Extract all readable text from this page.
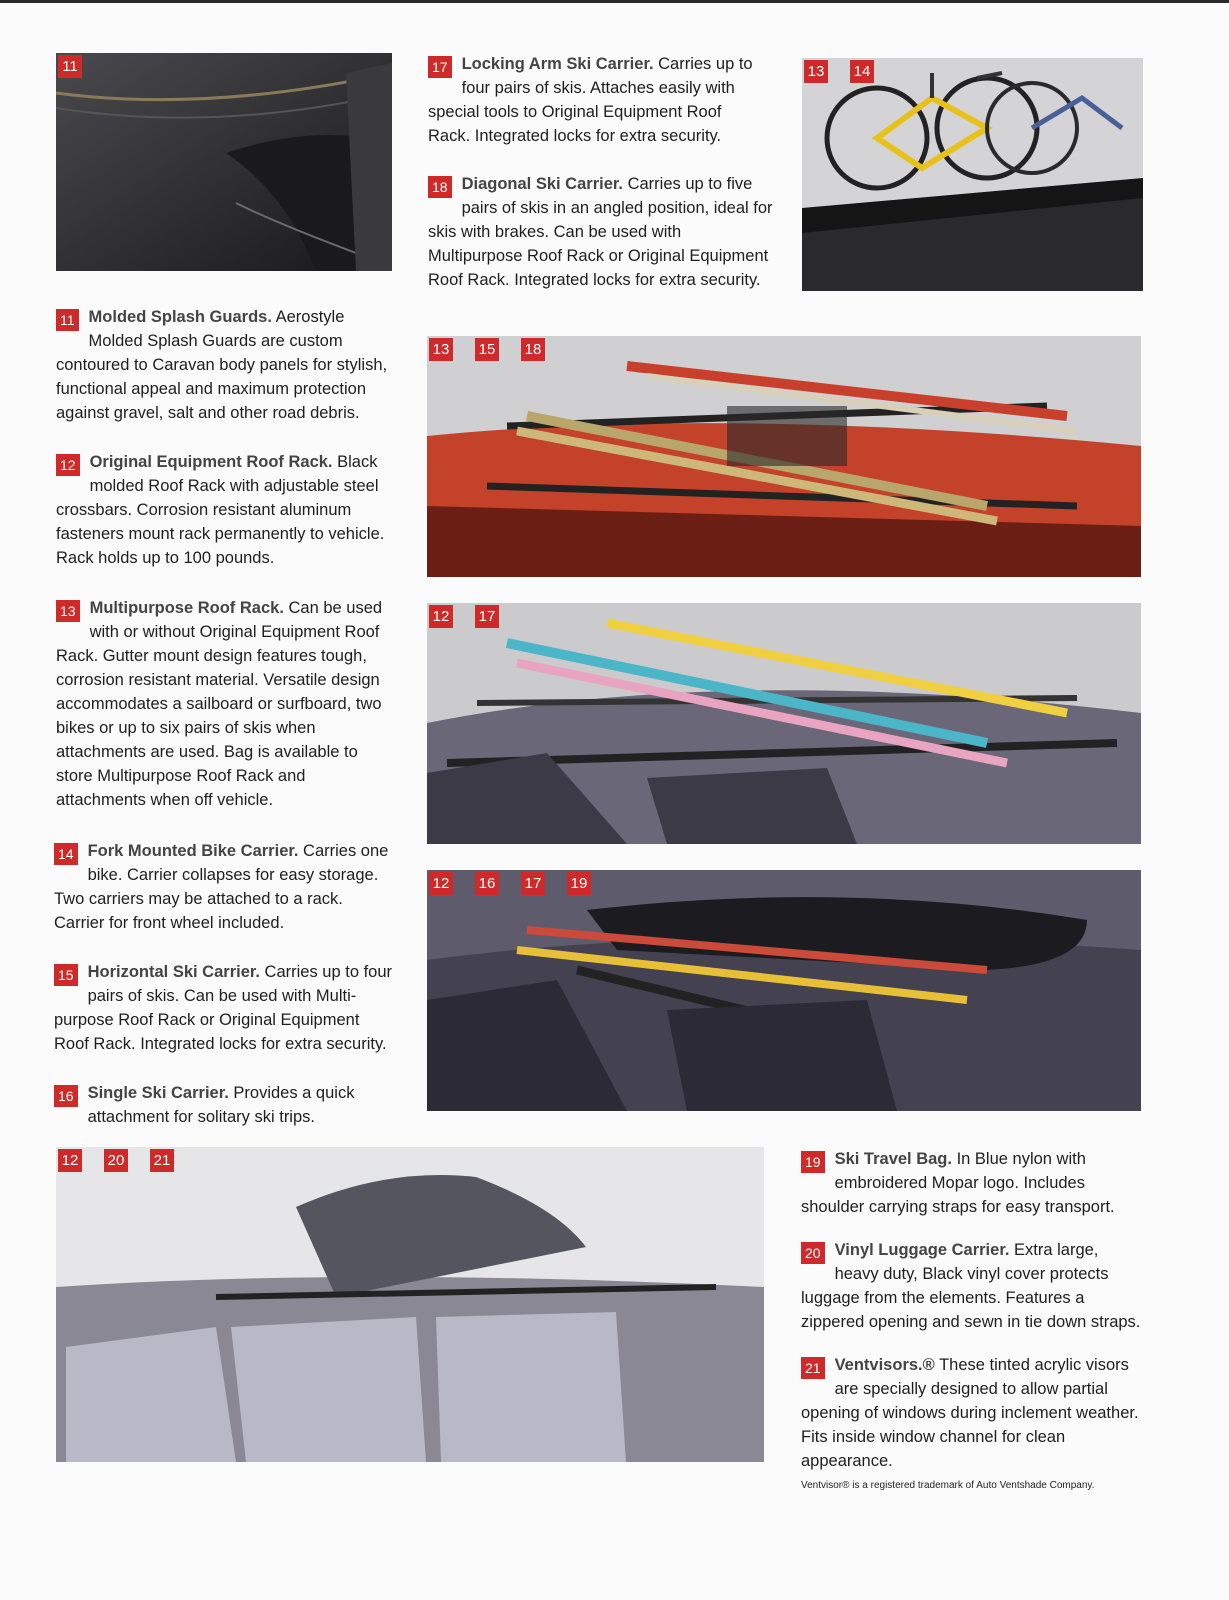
11	13 14
13 15 18
12 17
12 16 17 19
12 20 21
11 Molded Splash Guards. Aerostyle Molded Splash Guards are custom contoured to Caravan body panels for stylish, functional appeal and maximum protection against gravel, salt and other road debris.
12 Original Equipment Roof Rack. Black molded Roof Rack with adjustable steel crossbars. Corrosion resistant aluminum fasteners mount rack permanently to vehicle. Rack holds up to 100 pounds.
13 Multipurpose Roof Rack. Can be used with or without Original Equipment Roof Rack. Gutter mount design features tough, corrosion resistant material. Versatile design accommodates a sailboard or surfboard, two bikes or up to six pairs of skis when attachments are used. Bag is available to store Multipurpose Roof Rack and attachments when off vehicle.
14 Fork Mounted Bike Carrier. Carries one bike. Carrier collapses for easy storage. Two carriers may be attached to a rack. Carrier for front wheel included.
15 Horizontal Ski Carrier. Carries up to four pairs of skis. Can be used with Multi-purpose Roof Rack or Original Equipment Roof Rack. Integrated locks for extra security.
16 Single Ski Carrier. Provides a quick attachment for solitary ski trips.
17 Locking Arm Ski Carrier. Carries up to four pairs of skis. Attaches easily with special tools to Original Equipment Roof Rack. Integrated locks for extra security.
18 Diagonal Ski Carrier. Carries up to five pairs of skis in an angled position, ideal for skis with brakes. Can be used with Multipurpose Roof Rack or Original Equipment Roof Rack. Integrated locks for extra security.
19 Ski Travel Bag. In Blue nylon with embroidered Mopar logo. Includes shoulder carrying straps for easy transport.
20 Vinyl Luggage Carrier. Extra large, heavy duty, Black vinyl cover protects luggage from the elements. Features a zippered opening and sewn in tie down straps.
21 Ventvisors.® These tinted acrylic visors are specially designed to allow partial opening of windows during inclement weather. Fits inside window channel for clean appearance.
Ventvisor® is a registered trademark of Auto Ventshade Company.
